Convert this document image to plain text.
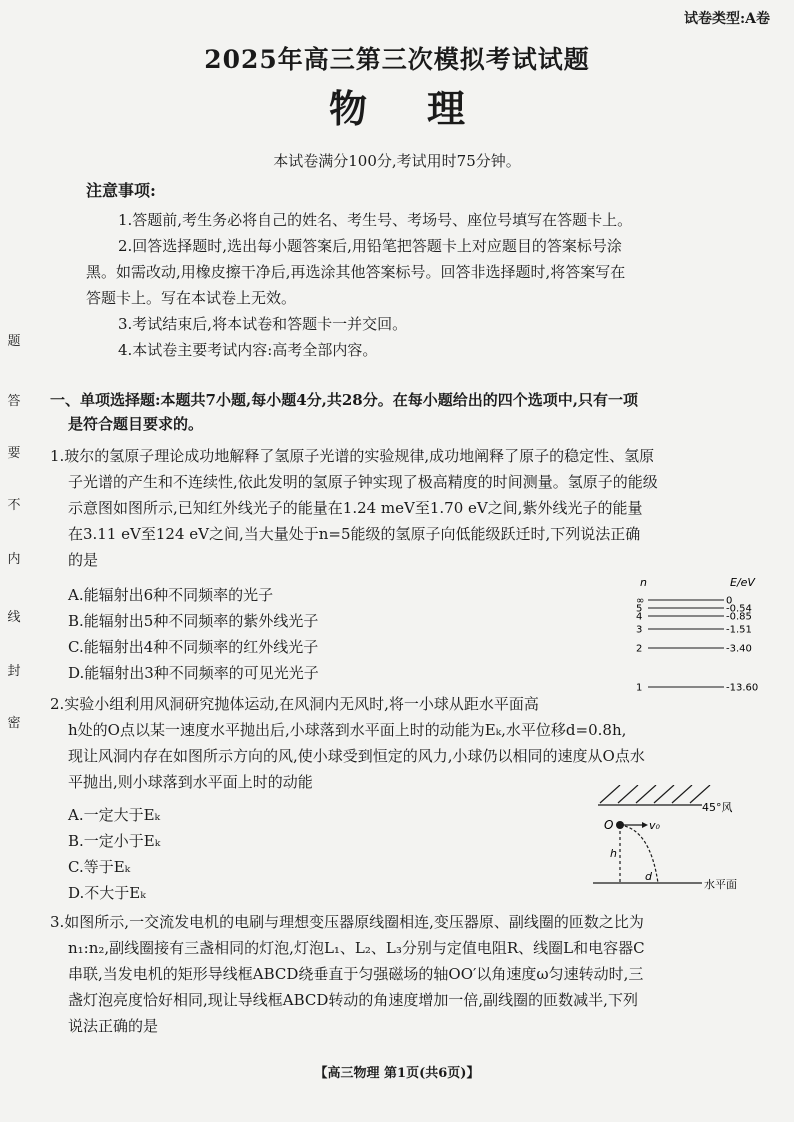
试卷类型:A卷
2025年高三第三次模拟考试试题
物理
本试卷满分100分,考试用时75分钟。
注意事项:
1.答题前,考生务必将自己的姓名、考生号、考场号、座位号填写在答题卡上。
2.回答选择题时,选出每小题答案后,用铅笔把答题卡上对应题目的答案标号涂
黑。如需改动,用橡皮擦干净后,再选涂其他答案标号。回答非选择题时,将答案写在
答题卡上。写在本试卷上无效。
3.考试结束后,将本试卷和答题卡一并交回。
4.本试卷主要考试内容:高考全部内容。
一、单项选择题:本题共7小题,每小题4分,共28分。在每小题给出的四个选项中,只有一项
是符合题目要求的。
1.玻尔的氢原子理论成功地解释了氢原子光谱的实验规律,成功地阐释了原子的稳定性、氢原
子光谱的产生和不连续性,依此发明的氢原子钟实现了极高精度的时间测量。氢原子的能级
示意图如图所示,已知红外线光子的能量在1.24 meV至1.70 eV之间,紫外线光子的能量
在3.11 eV至124 eV之间,当大量处于n=5能级的氢原子向低能级跃迁时,下列说法正确
的是
A.能辐射出6种不同频率的光子
B.能辐射出5种不同频率的紫外线光子
C.能辐射出4种不同频率的红外线光子
D.能辐射出3种不同频率的可见光光子
n	E/eV
∞	0
5	-0.54
4	-0.85
3	-1.51
2	-3.40
1	-13.60
2.实验小组利用风洞研究抛体运动,在风洞内无风时,将一小球从距水平面高
h处的O点以某一速度水平抛出后,小球落到水平面上时的动能为Eₖ,水平位移d=0.8h,
现让风洞内存在如图所示方向的风,使小球受到恒定的风力,小球仍以相同的速度从O点水
平抛出,则小球落到水平面上时的动能
A.一定大于Eₖ
B.一定小于Eₖ
C.等于Eₖ
D.不大于Eₖ
45°风
O	v₀
h
d
水平面
3.如图所示,一交流发电机的电刷与理想变压器原线圈相连,变压器原、副线圈的匝数之比为
n₁:n₂,副线圈接有三盏相同的灯泡,灯泡L₁、L₂、L₃分别与定值电阻R、线圈L和电容器C
串联,当发电机的矩形导线框ABCD绕垂直于匀强磁场的轴OO′以角速度ω匀速转动时,三
盏灯泡亮度恰好相同,现让导线框ABCD转动的角速度增加一倍,副线圈的匝数减半,下列
说法正确的是
题
答
要
不
内
线
封
密
【高三物理 第1页(共6页)】
